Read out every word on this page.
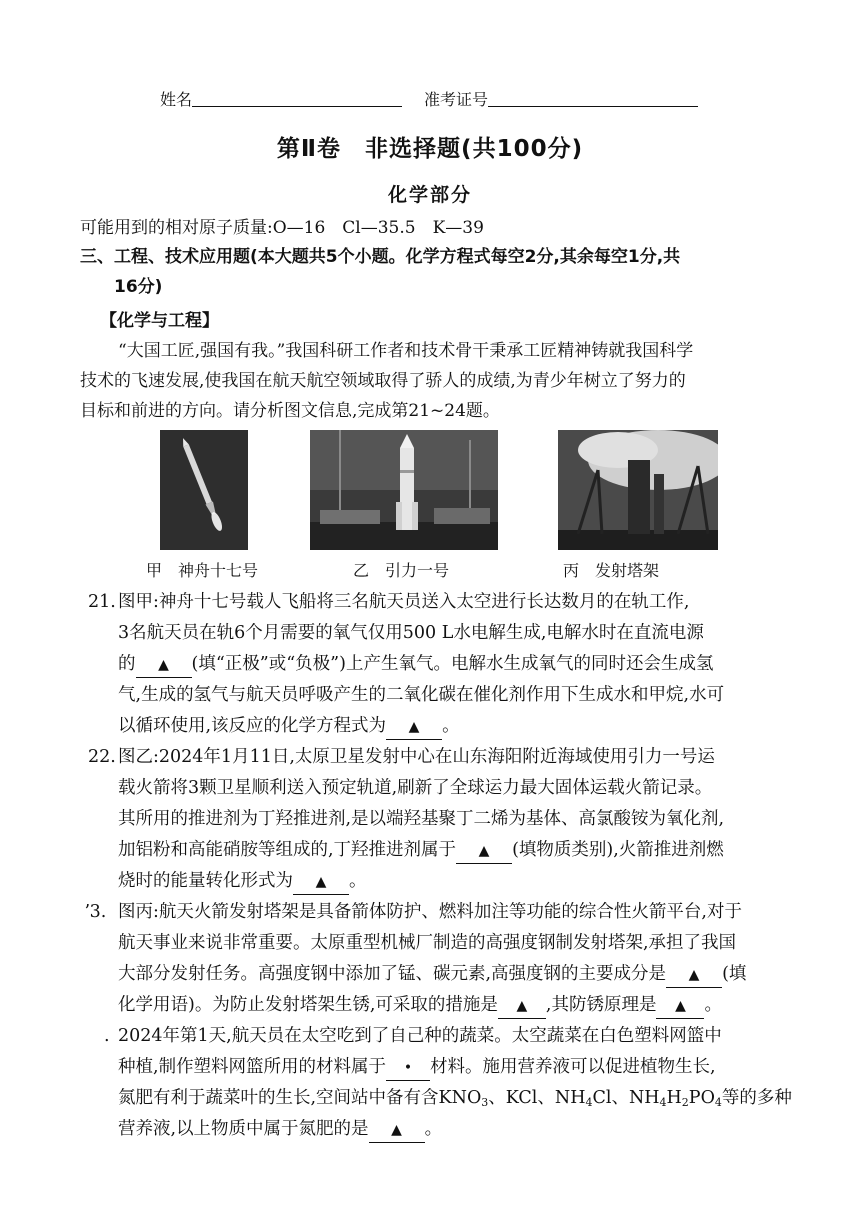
姓名	准考证号
第Ⅱ卷　非选择题(共100分)
化学部分
可能用到的相对原子质量:O—16　Cl—35.5　K—39
三、工程、技术应用题(本大题共5个小题。化学方程式每空2分,其余每空1分,共
16分)
【化学与工程】
“大国工匠,强国有我。”我国科研工作者和技术骨干秉承工匠精神铸就我国科学
技术的飞速发展,使我国在航天航空领域取得了骄人的成绩,为青少年树立了努力的
目标和前进的方向。请分析图文信息,完成第21~24题。
甲　神舟十七号	乙　引力一号	丙　发射塔架
21. 图甲:神舟十七号载人飞船将三名航天员送入太空进行长达数月的在轨工作,
3名航天员在轨6个月需要的氧气仅用500 L水电解生成,电解水时在直流电源
的 ▲ (填“正极”或“负极”)上产生氧气。电解水生成氧气的同时还会生成氢
气,生成的氢气与航天员呼吸产生的二氧化碳在催化剂作用下生成水和甲烷,水可
以循环使用,该反应的化学方程式为 ▲ 。
22. 图乙:2024年1月11日,太原卫星发射中心在山东海阳附近海域使用引力一号运
载火箭将3颗卫星顺利送入预定轨道,刷新了全球运力最大固体运载火箭记录。
其所用的推进剂为丁羟推进剂,是以端羟基聚丁二烯为基体、高氯酸铵为氧化剂,
加铝粉和高能硝胺等组成的,丁羟推进剂属于 ▲ (填物质类别),火箭推进剂燃
烧时的能量转化形式为 ▲ 。
ʼ3. 图丙:航天火箭发射塔架是具备箭体防护、燃料加注等功能的综合性火箭平台,对于
航天事业来说非常重要。太原重型机械厂制造的高强度钢制发射塔架,承担了我国
大部分发射任务。高强度钢中添加了锰、碳元素,高强度钢的主要成分是 ▲ (填
化学用语)。为防止发射塔架生锈,可采取的措施是 ▲ ,其防锈原理是 ▲ 。
. 2024年第1天,航天员在太空吃到了自己种的蔬菜。太空蔬菜在白色塑料网篮中
种植,制作塑料网篮所用的材料属于•	材料。施用营养液可以促进植物生长,
氮肥有利于蔬菜叶的生长,空间站中备有含$KNO_3$、KCl、$NH_4Cl$、$NH_4H_2PO_4$等的多种
营养液,以上物质中属于氮肥的是 ▲ 。
